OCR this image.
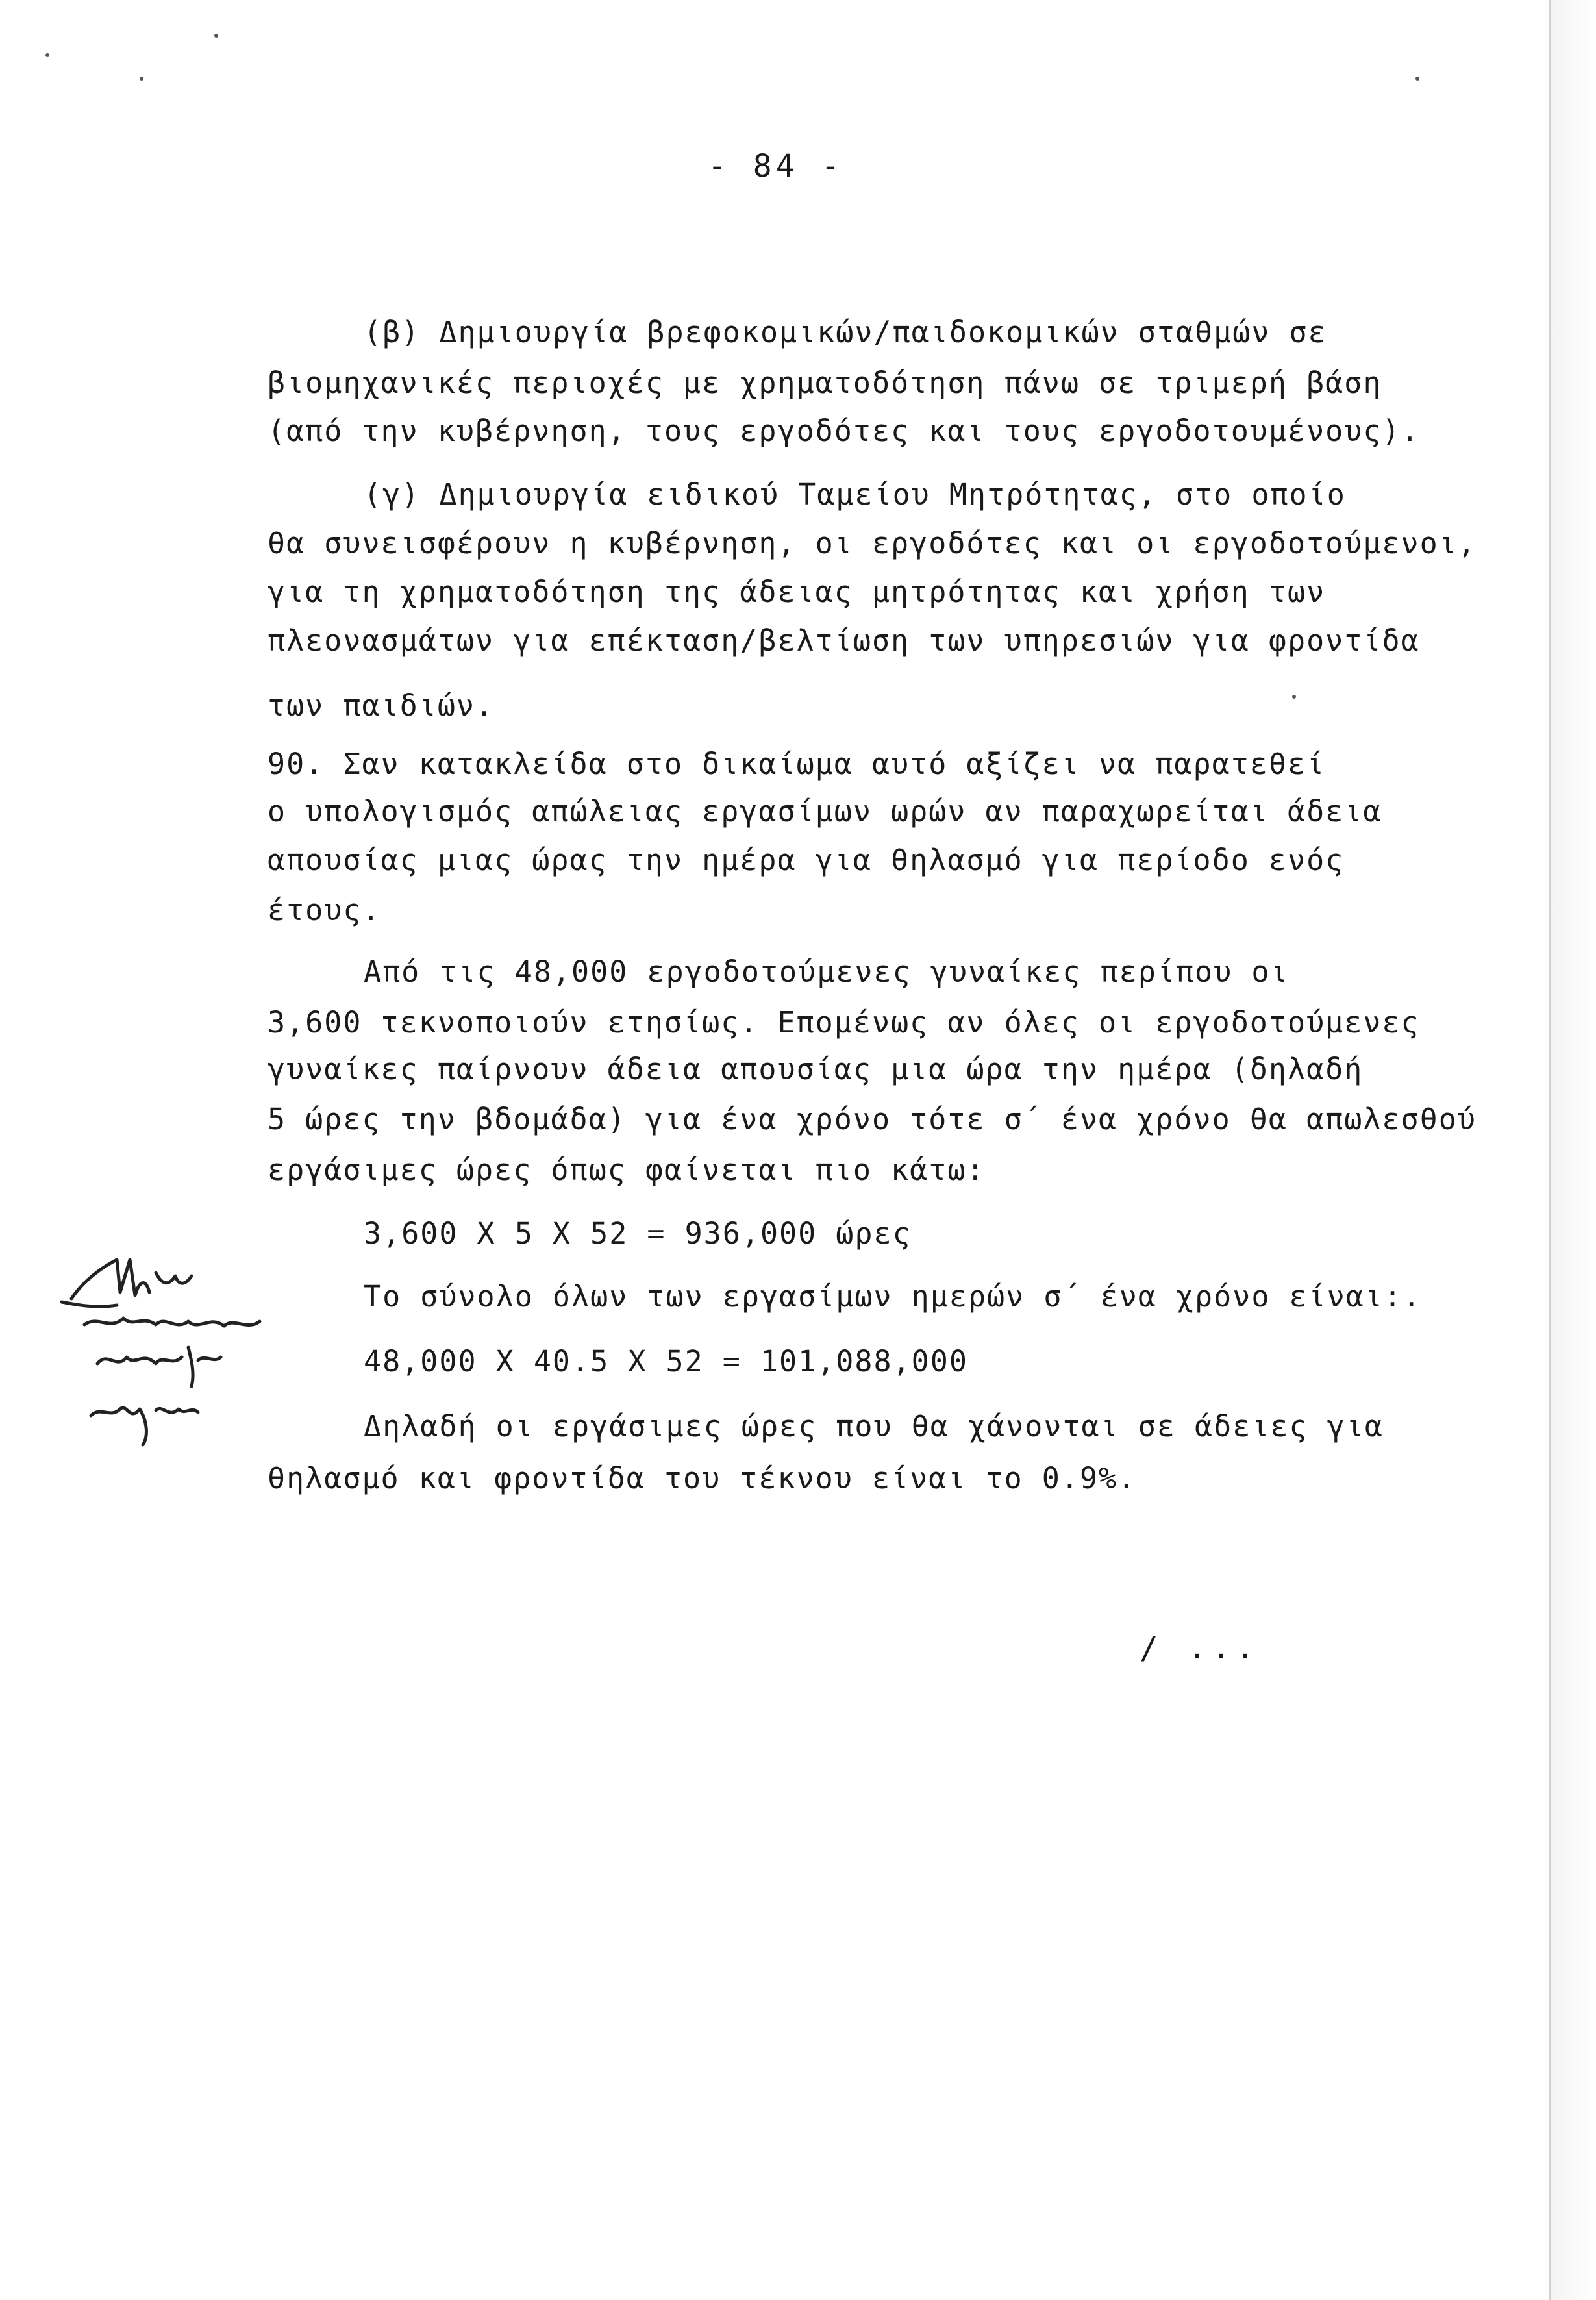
- 84 -
(β) Δημιουργία βρεφοκομικών/παιδοκομικών σταθμών σε
βιομηχανικές περιοχές με χρηματοδότηση πάνω σε τριμερή βάση
(από την κυβέρνηση, τους εργοδότες και τους εργοδοτουμένους).
(γ) Δημιουργία ειδικού Ταμείου Μητρότητας, στο οποίο
θα συνεισφέρουν η κυβέρνηση, οι εργοδότες και οι εργοδοτούμενοι,
για τη χρηματοδότηση της άδειας μητρότητας και χρήση των
πλεονασμάτων για επέκταση/βελτίωση των υπηρεσιών για φροντίδα
των παιδιών.
90. Σαν κατακλείδα στο δικαίωμα αυτό αξίζει να παρατεθεί
ο υπολογισμός απώλειας εργασίμων ωρών αν παραχωρείται άδεια
απουσίας μιας ώρας την ημέρα για θηλασμό για περίοδο ενός
έτους.
Από τις 48,000 εργοδοτούμενες γυναίκες περίπου οι
3,600 τεκνοποιούν ετησίως. Επομένως αν όλες οι εργοδοτούμενες
γυναίκες παίρνουν άδεια απουσίας μια ώρα την ημέρα (δηλαδή
5 ώρες την βδομάδα) για ένα χρόνο τότε σ΄ ένα χρόνο θα απωλεσθού
εργάσιμες ώρες όπως φαίνεται πιο κάτω:
3,600 X 5 X 52 = 936,000 ώρες
Το σύνολο όλων των εργασίμων ημερών σ΄ ένα χρόνο είναι:.
48,000 X 40.5 X 52 = 101,088,000
Δηλαδή οι εργάσιμες ώρες που θα χάνονται σε άδειες για
θηλασμό και φροντίδα του τέκνου είναι το 0.9%.
/ ...
